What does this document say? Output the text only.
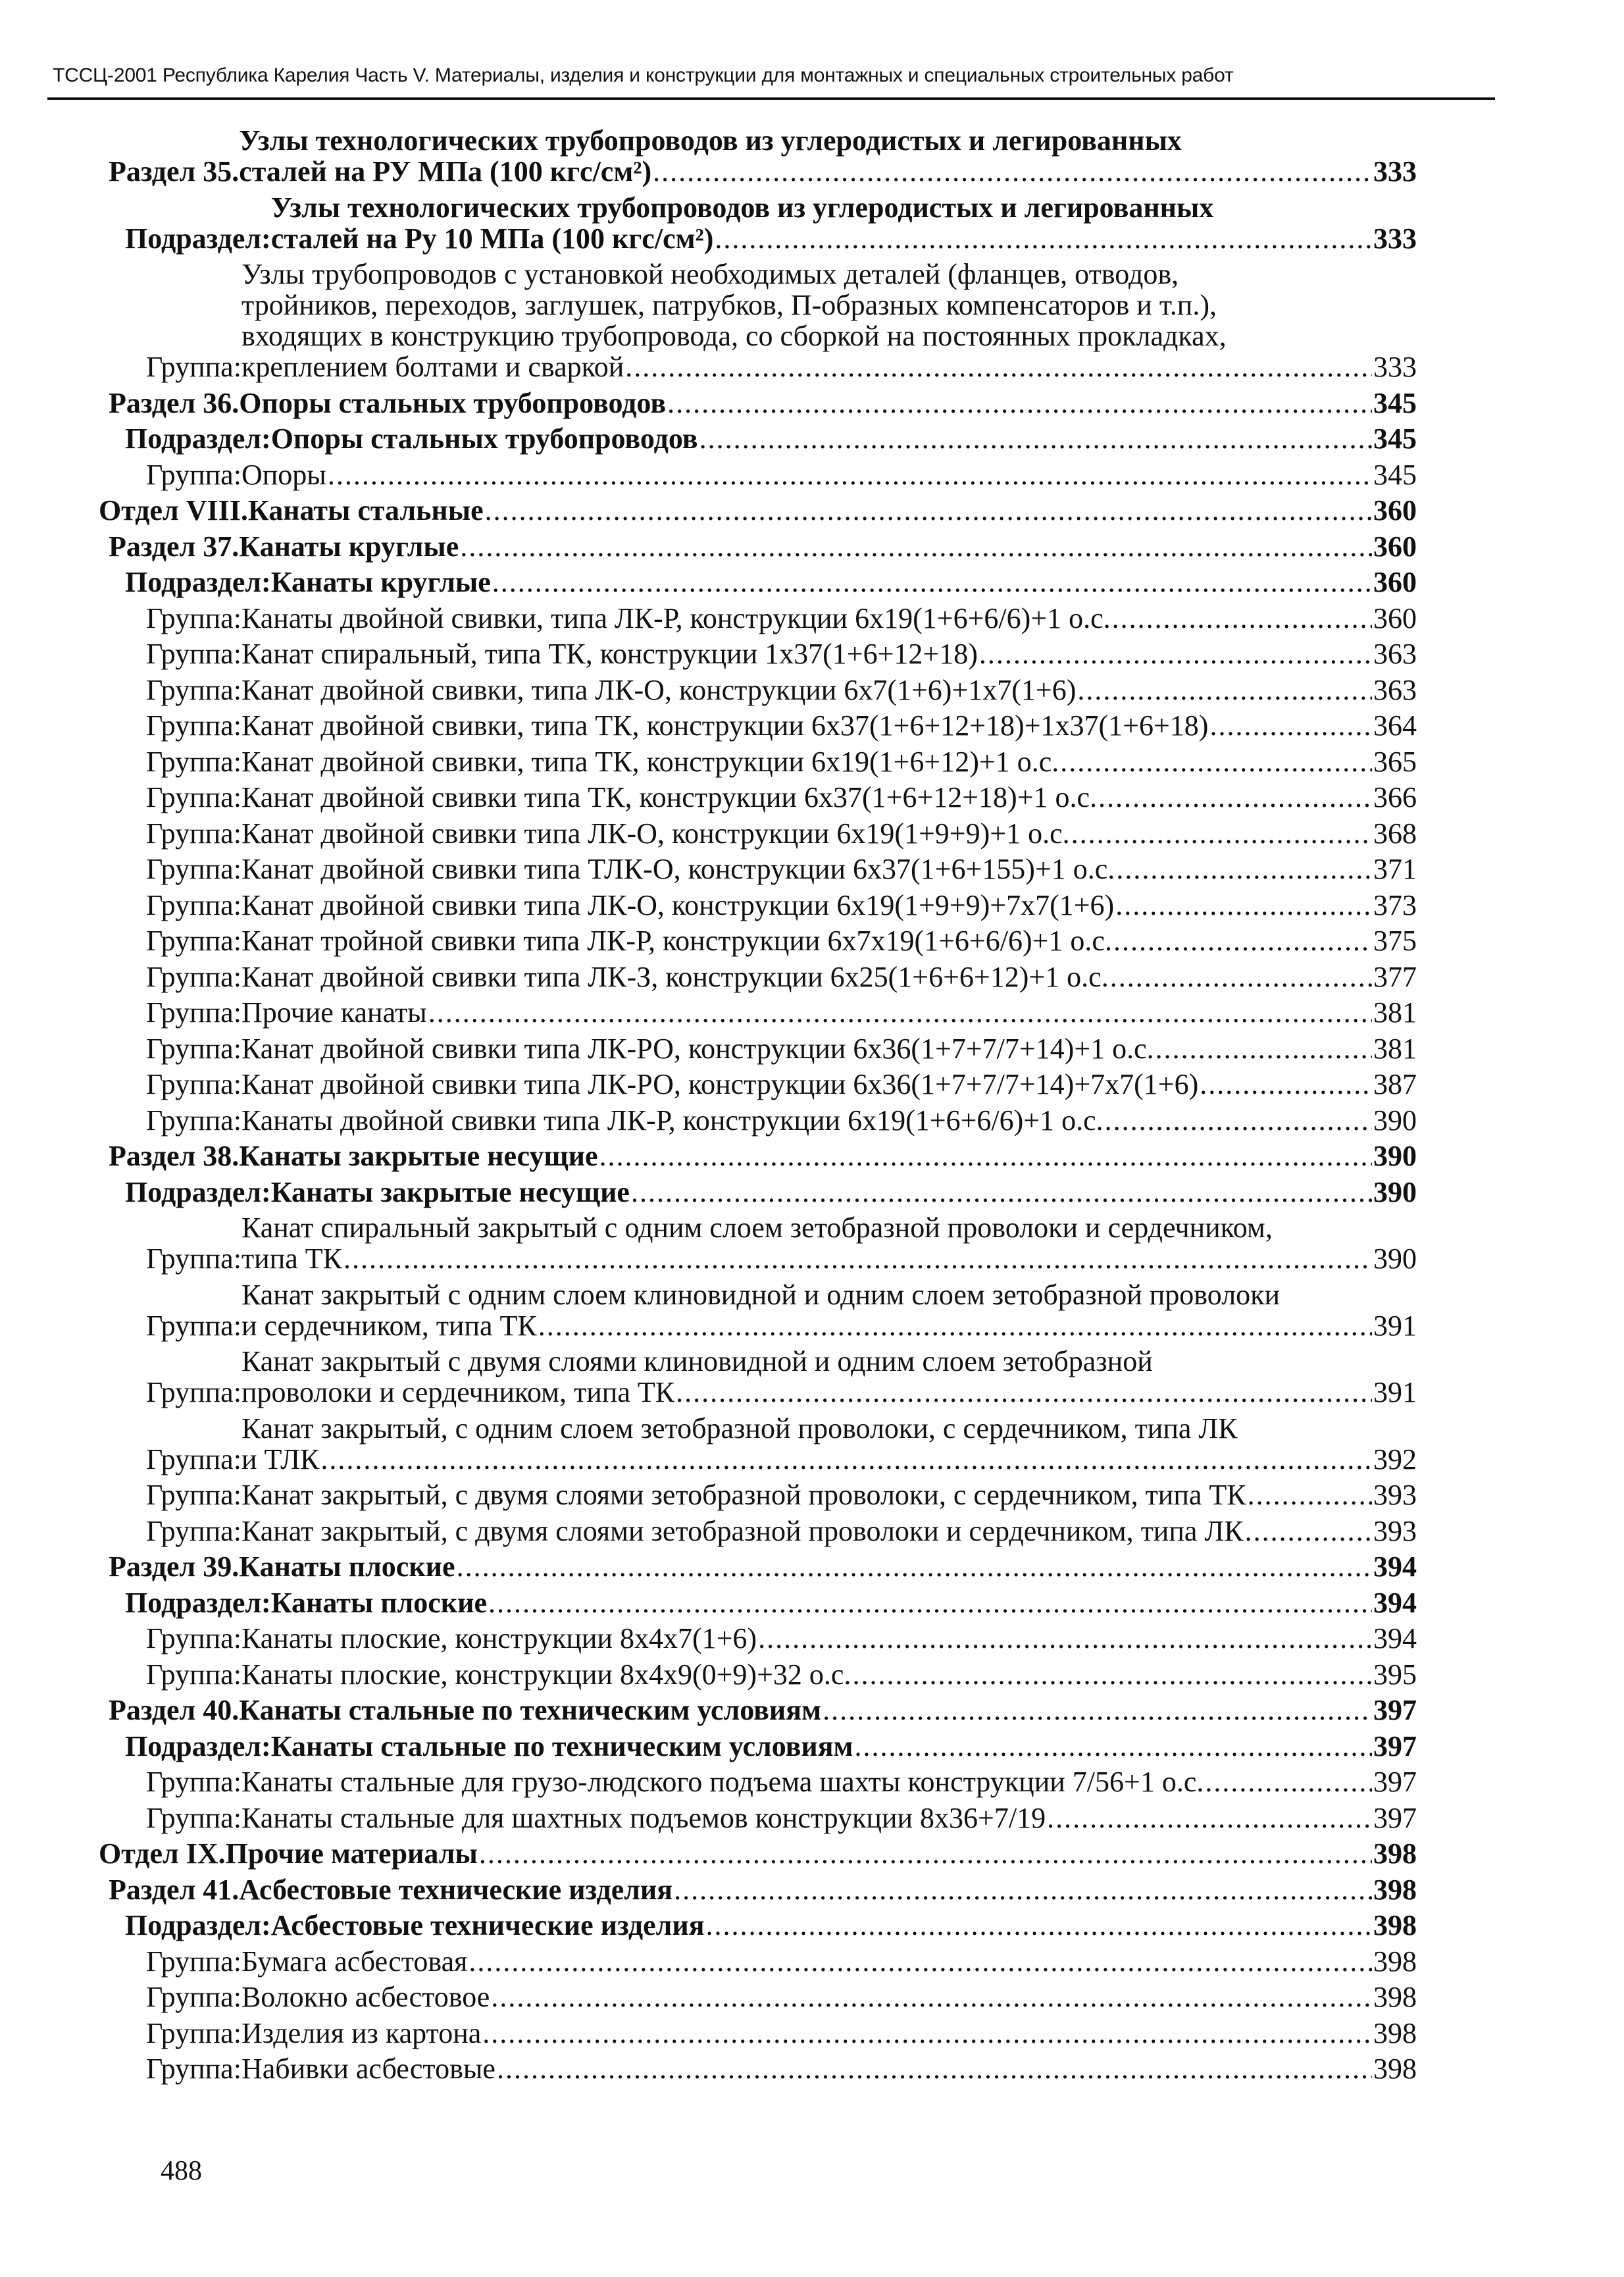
ТССЦ-2001 Республика Карелия Часть V. Материалы, изделия и конструкции для монтажных и специальных строительных работ
Раздел 35.
Узлы технологических трубопроводов из углеродистых и легированных
сталей на РУ МПа (100 кгс/см²) .....	333
Подраздел:
Узлы технологических трубопроводов из углеродистых и легированных
сталей на Ру 10 МПа (100 кгс/см²) .....	333
Группа:
Узлы трубопроводов с установкой необходимых деталей (фланцев, отводов,
тройников, переходов, заглушек, патрубков, П-образных компенсаторов и т.п.),
входящих в конструкцию трубопровода, со сборкой на постоянных прокладках,
креплением болтами и сваркой .....	333
Раздел 36. Опоры стальных трубопроводов .....	345
Подраздел: Опоры стальных трубопроводов .....	345
Группа: Опоры .....	345
Отдел VIII. Канаты стальные .....	360
Раздел 37. Канаты круглые .....	360
Подраздел: Канаты круглые .....	360
Группа: Канаты двойной свивки, типа ЛК-Р, конструкции 6х19(1+6+6/6)+1 о.с. .....	360
Группа: Канат спиральный, типа ТК, конструкции 1х37(1+6+12+18) .....	363
Группа: Канат двойной свивки, типа ЛК-О, конструкции 6х7(1+6)+1х7(1+6) .....	363
Группа: Канат двойной свивки, типа ТК, конструкции 6х37(1+6+12+18)+1х37(1+6+18) .....	364
Группа: Канат двойной свивки, типа ТК, конструкции 6х19(1+6+12)+1 о.с. .....	365
Группа: Канат двойной свивки типа ТК, конструкции 6х37(1+6+12+18)+1 о.с. .....	366
Группа: Канат двойной свивки типа ЛК-О, конструкции 6х19(1+9+9)+1 о.с. .....	368
Группа: Канат двойной свивки типа ТЛК-О, конструкции 6х37(1+6+155)+1 о.с. .....	371
Группа: Канат двойной свивки типа ЛК-О, конструкции 6х19(1+9+9)+7х7(1+6) .....	373
Группа: Канат тройной свивки типа ЛК-Р, конструкции 6х7х19(1+6+6/6)+1 о.с. .....	375
Группа: Канат двойной свивки типа ЛК-З, конструкции 6х25(1+6+6+12)+1 о.с. .....	377
Группа: Прочие канаты .....	381
Группа: Канат двойной свивки типа ЛК-РО, конструкции 6х36(1+7+7/7+14)+1 о.с. .....	381
Группа: Канат двойной свивки типа ЛК-РО, конструкции 6х36(1+7+7/7+14)+7х7(1+6) .....	387
Группа: Канаты двойной свивки типа ЛК-Р, конструкции 6х19(1+6+6/6)+1 о.с. .....	390
Раздел 38. Канаты закрытые несущие .....	390
Подраздел: Канаты закрытые несущие .....	390
Группа:
Канат спиральный закрытый с одним слоем зетобразной проволоки и сердечником,
типа ТК .....	390
Группа:
Канат закрытый с одним слоем клиновидной и одним слоем зетобразной проволоки
и сердечником, типа ТК .....	391
Группа:
Канат закрытый с двумя слоями клиновидной и одним слоем зетобразной
проволоки и сердечником, типа ТК .....	391
Группа:
Канат закрытый, с одним слоем зетобразной проволоки, с сердечником, типа ЛК
и ТЛК .....	392
Группа: Канат закрытый, с двумя слоями зетобразной проволоки, с сердечником, типа ТК .....	393
Группа: Канат закрытый, с двумя слоями зетобразной проволоки и сердечником, типа ЛК .....	393
Раздел 39. Канаты плоские .....	394
Подраздел: Канаты плоские .....	394
Группа: Канаты плоские, конструкции 8х4х7(1+6) .....	394
Группа: Канаты плоские, конструкции 8х4х9(0+9)+32 о.с. .....	395
Раздел 40. Канаты стальные по техническим условиям .....	397
Подраздел: Канаты стальные по техническим условиям .....	397
Группа: Канаты стальные для грузо-людского подъема шахты конструкции 7/56+1 о.с. .....	397
Группа: Канаты стальные для шахтных подъемов конструкции 8х36+7/19 .....	397
Отдел IX. Прочие материалы .....	398
Раздел 41. Асбестовые технические изделия .....	398
Подраздел: Асбестовые технические изделия .....	398
Группа: Бумага асбестовая .....	398
Группа: Волокно асбестовое .....	398
Группа: Изделия из картона .....	398
Группа: Набивки асбестовые .....	398
488
